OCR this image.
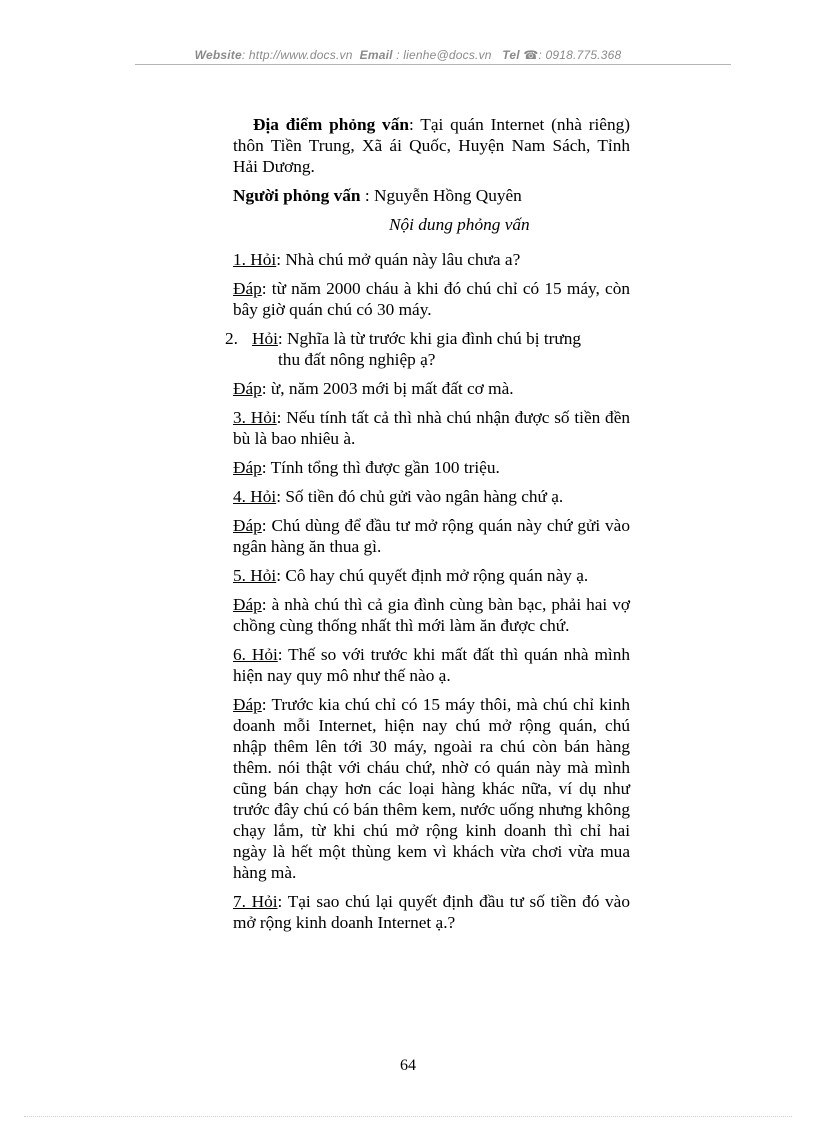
Website: http://www.docs.vn Email : lienhe@docs.vn Tel ☎: 0918.775.368

Địa điểm phỏng vấn: Tại quán Internet (nhà riêng) thôn Tiền Trung, Xã ái Quốc, Huyện Nam Sách, Tỉnh Hải Dương.

Người phỏng vấn : Nguyễn Hồng Quyên

Nội dung phỏng vấn

1. Hỏi: Nhà chú mở quán này lâu chưa a?

Đáp: từ năm 2000 cháu à khi đó chú chỉ có 15 máy, còn bây giờ quán chú có 30 máy.

2. Hỏi: Nghĩa là từ trước khi gia đình chú bị trưng
thu đất nông nghiệp ạ?

Đáp: ừ, năm 2003 mới bị mất đất cơ mà.

3. Hỏi: Nếu tính tất cả thì nhà chú nhận được số tiền đền bù là bao nhiêu à.

Đáp: Tính tổng thì được gần 100 triệu.

4. Hỏi: Số tiền đó chủ gửi vào ngân hàng chứ ạ.

Đáp: Chú dùng để đầu tư mở rộng quán này chứ gửi vào ngân hàng ăn thua gì.

5. Hỏi: Cô hay chú quyết định mở rộng quán này ạ.

Đáp: à nhà chú thì cả gia đình cùng bàn bạc, phải hai vợ chồng cùng thống nhất thì mới làm ăn được chứ.

6. Hỏi: Thế so với trước khi mất đất thì quán nhà mình hiện nay quy mô như thế nào ạ.

Đáp: Trước kia chú chỉ có 15 máy thôi, mà chú chỉ kinh doanh mỗi Internet, hiện nay chú mở rộng quán, chú nhập thêm lên tới 30 máy, ngoài ra chú còn bán hàng thêm. nói thật với cháu chứ, nhờ có quán này mà mình cũng bán chạy hơn các loại hàng khác nữa, ví dụ như trước đây chú có bán thêm kem, nước uống nhưng không chạy lắm, từ khi chú mở rộng kinh doanh thì chỉ hai ngày là hết một thùng kem vì khách vừa chơi vừa mua hàng mà.

7. Hỏi: Tại sao chú lại quyết định đầu tư số tiền đó vào mở rộng kinh doanh Internet ạ.?

64
